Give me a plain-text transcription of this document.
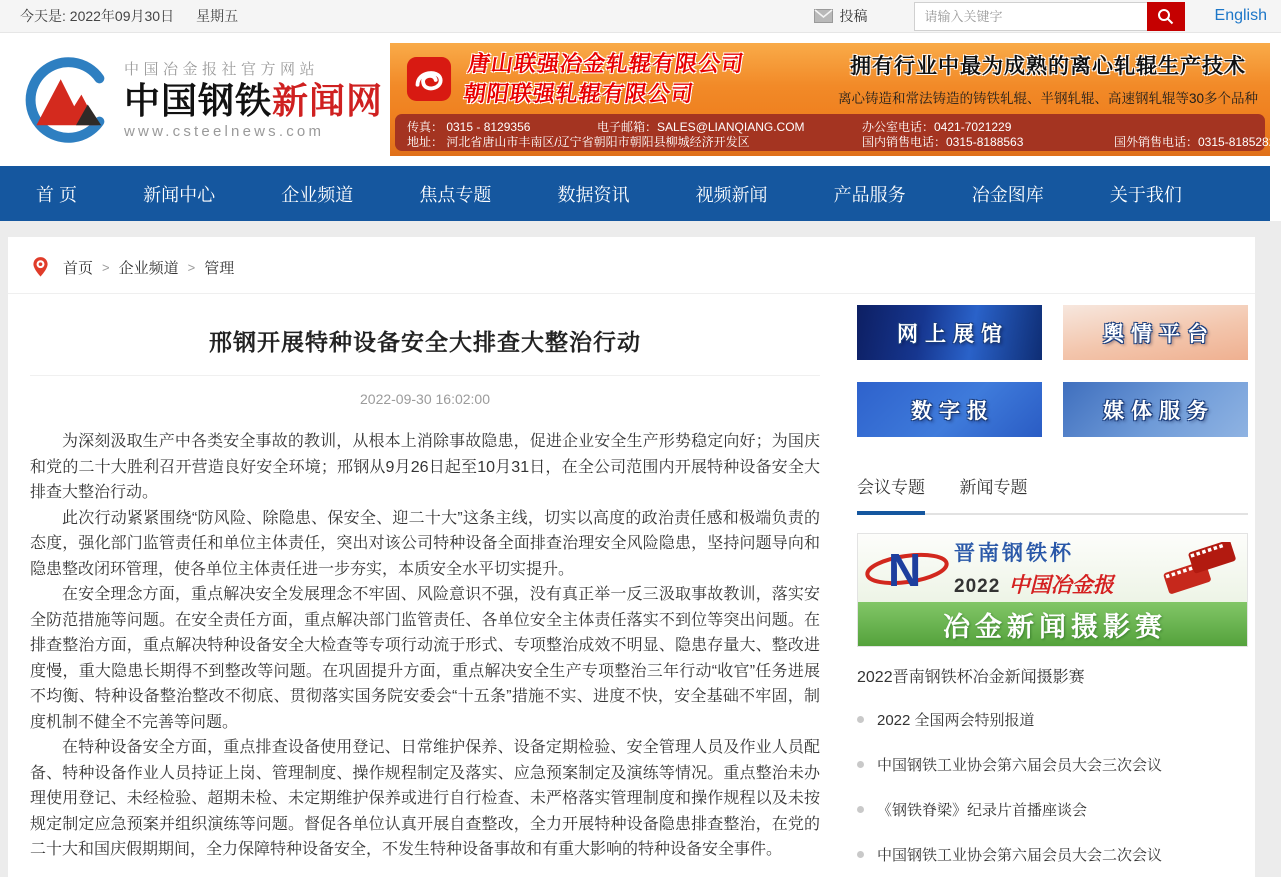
今天是:
2022年09月30日 星期五	投稿
请输入关键字	English
中国冶金报社官方网站
中国钢铁新闻网
www.csteelnews.com
唐山联强冶金轧辊有限公司
朝阳联强轧辊有限公司
拥有行业中最为成熟的离心轧辊生产技术
离心铸造和常法铸造的铸铁轧辊、半钢轧辊、高速钢轧辊等30多个品种
传真： 0315 - 8129356	电子邮箱：SALES@LIANQIANG.COM	办公室电话：0421-7021229
地址： 河北省唐山市丰南区/辽宁省朝阳市朝阳县柳城经济开发区	国内销售电话：0315-8188563	国外销售电话：0315-8185282
首 页	新闻中心	企业频道	焦点专题	数据资讯	视频新闻	产品服务	冶金图库	关于我们
首页 > 企业频道 > 管理
邢钢开展特种设备安全大排查大整治行动
2022-09-30 16:02:00

为深刻汲取生产中各类安全事故的教训，从根本上消除事故隐患，促进企业安全生产形势稳定向好；为国庆和党的二十大胜利召开营造良好安全环境；邢钢从9月26日起至10月31日，在全公司范围内开展特种设备安全大排查大整治行动。

此次行动紧紧围绕“防风险、除隐患、保安全、迎二十大”这条主线，切实以高度的政治责任感和极端负责的态度，强化部门监管责任和单位主体责任，突出对该公司特种设备全面排查治理安全风险隐患，坚持问题导向和隐患整改闭环管理，使各单位主体责任进一步夯实，本质安全水平切实提升。

在安全理念方面，重点解决安全发展理念不牢固、风险意识不强，没有真正举一反三汲取事故教训，落实安全防范措施等问题。在安全责任方面，重点解决部门监管责任、各单位安全主体责任落实不到位等突出问题。在排查整治方面，重点解决特种设备安全大检查等专项行动流于形式、专项整治成效不明显、隐患存量大、整改进度慢，重大隐患长期得不到整改等问题。在巩固提升方面，重点解决安全生产专项整治三年行动“收官”任务进展不均衡、特种设备整治整改不彻底、贯彻落实国务院安委会“十五条”措施不实、进度不快，安全基础不牢固，制度机制不健全不完善等问题。

在特种设备安全方面，重点排查设备使用登记、日常维护保养、设备定期检验、安全管理人员及作业人员配备、特种设备作业人员持证上岗、管理制度、操作规程制定及落实、应急预案制定及演练等情况。重点整治未办理使用登记、未经检验、超期未检、未定期维护保养或进行自行检查、未严格落实管理制度和操作规程以及未按规定制定应急预案并组织演练等问题。督促各单位认真开展自查整改，全力开展特种设备隐患排查整治，在党的二十大和国庆假期期间，全力保障特种设备安全，不发生特种设备事故和有重大影响的特种设备安全事件。

网上展馆	舆情平台
数字报	媒体服务
会议专题 新闻专题
N 晋南钢铁杯
2022 中国冶金报
冶金新闻摄影赛
2022晋南钢铁杯冶金新闻摄影赛
2022 全国两会特别报道
中国钢铁工业协会第六届会员大会三次会议
《钢铁脊梁》纪录片首播座谈会
中国钢铁工业协会第六届会员大会二次会议
